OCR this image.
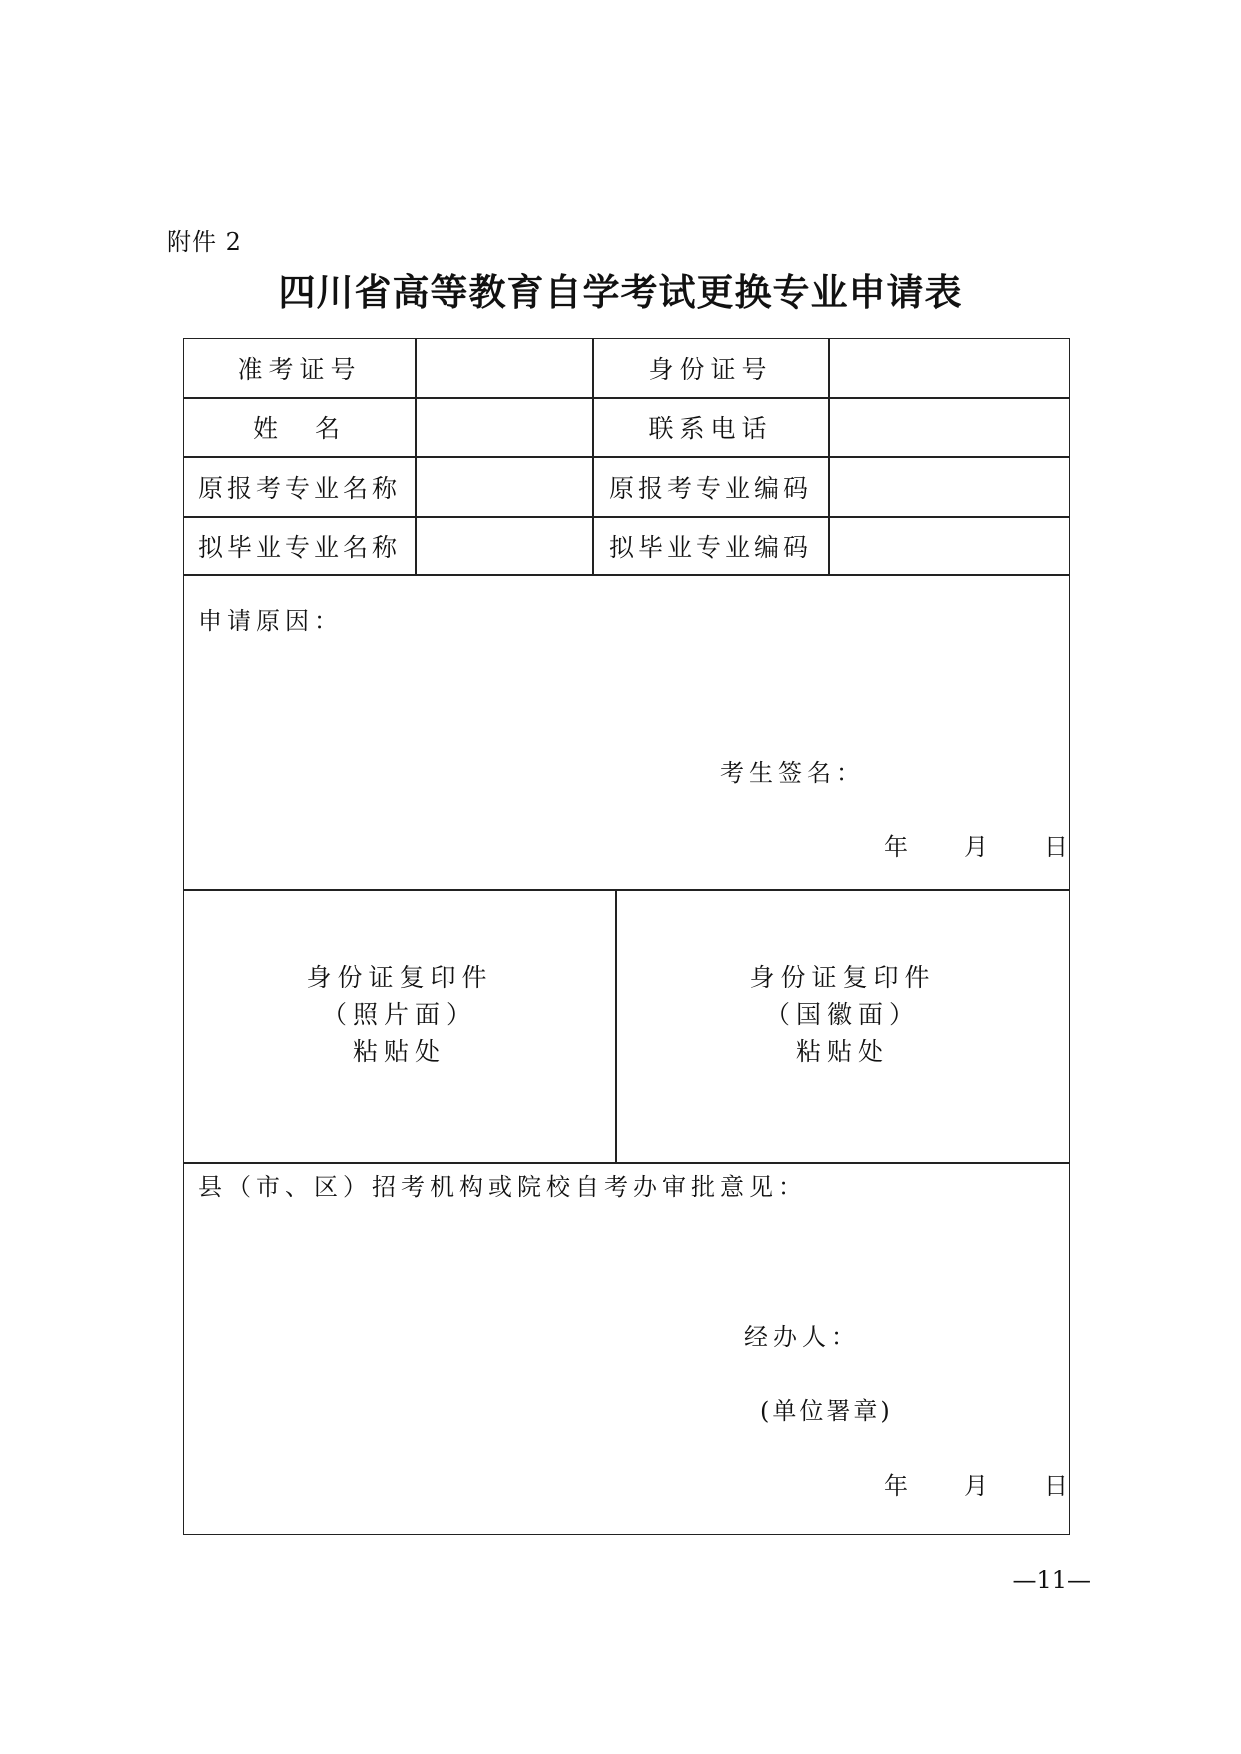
附件 2
四川省高等教育自学考试更换专业申请表
准考证号	身份证号
姓　名	联系电话
原报考专业名称	原报考专业编码
拟毕业专业名称	拟毕业专业编码
申请原因：
考生签名：
年 月 日
身份证复印件
（照片面）
粘贴处
身份证复印件
（国徽面）
粘贴处
县（市、区）招考机构或院校自考办审批意见：
经办人：
(单位署章)
年 月 日
—11—
